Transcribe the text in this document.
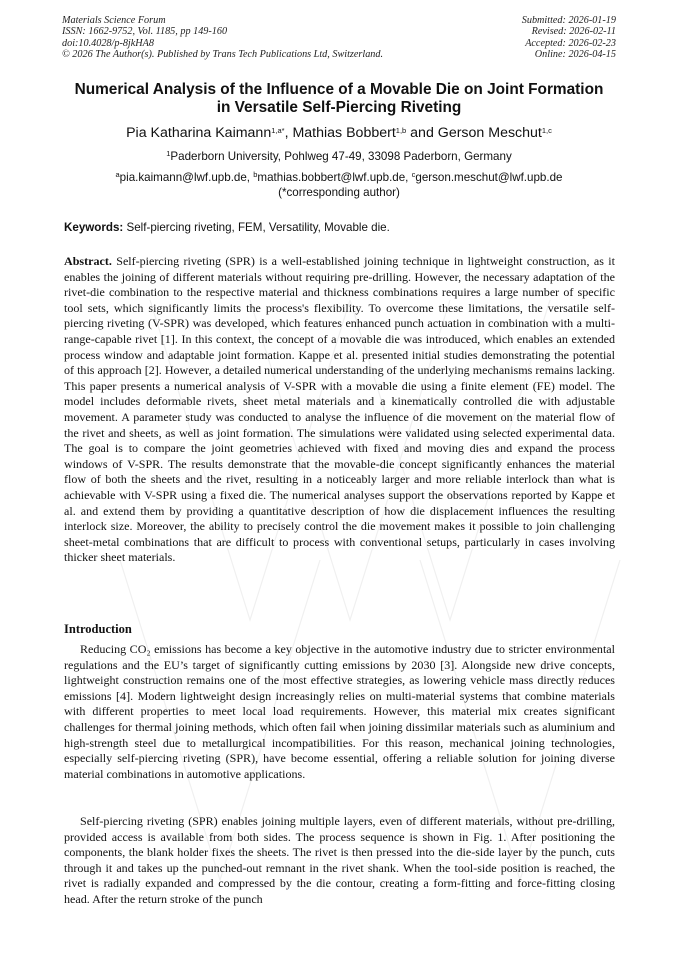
Materials Science Forum
ISSN: 1662-9752, Vol. 1185, pp 149-160
doi:10.4028/p-8jkHA8
© 2026 The Author(s). Published by Trans Tech Publications Ltd, Switzerland.
Submitted: 2026-01-19
Revised: 2026-02-11
Accepted: 2026-02-23
Online: 2026-04-15
Numerical Analysis of the Influence of a Movable Die on Joint Formation
in Versatile Self-Piercing Riveting
Pia Katharina Kaimann$^{1,a*}$, Mathias Bobbert$^{1,b}$ and Gerson Meschut$^{1,c}$
$^1$Paderborn University, Pohlweg 47-49, 33098 Paderborn, Germany
$^a$pia.kaimann@lwf.upb.de, $^b$mathias.bobbert@lwf.upb.de, $^c$gerson.meschut@lwf.upb.de
(*corresponding author)
Keywords: Self-piercing riveting, FEM, Versatility, Movable die.
Abstract. Self-piercing riveting (SPR) is a well-established joining technique in lightweight construction, as it enables the joining of different materials without requiring pre-drilling. However, the necessary adaptation of the rivet-die combination to the respective material and thickness combinations requires a large number of specific tool sets, which significantly limits the process's flexibility. To overcome these limitations, the versatile self-piercing riveting (V-SPR) was developed, which features enhanced punch actuation in combination with a multi-range-capable rivet [1]. In this context, the concept of a movable die was introduced, which enables an extended process window and adaptable joint formation. Kappe et al. presented initial studies demonstrating the potential of this approach [2]. However, a detailed numerical understanding of the underlying mechanisms remains lacking. This paper presents a numerical analysis of V-SPR with a movable die using a finite element (FE) model. The model includes deformable rivets, sheet metal materials and a kinematically controlled die with adjustable movement. A parameter study was conducted to analyse the influence of die movement on the material flow of the rivet and sheets, as well as joint formation. The simulations were validated using selected experimental data. The goal is to compare the joint geometries achieved with fixed and moving dies and expand the process windows of V-SPR. The results demonstrate that the movable-die concept significantly enhances the material flow of both the sheets and the rivet, resulting in a noticeably larger and more reliable interlock than what is achievable with V-SPR using a fixed die. The numerical analyses support the observations reported by Kappe et al. and extend them by providing a quantitative description of how die displacement influences the resulting interlock size. Moreover, the ability to precisely control the die movement makes it possible to join challenging sheet-metal combinations that are difficult to process with conventional setups, particularly in cases involving thicker sheet materials.
Introduction
Reducing CO₂ emissions has become a key objective in the automotive industry due to stricter environmental regulations and the EU’s target of significantly cutting emissions by 2030 [3]. Alongside new drive concepts, lightweight construction remains one of the most effective strategies, as lowering vehicle mass directly reduces emissions [4]. Modern lightweight design increasingly relies on multi-material systems that combine materials with different properties to meet local load requirements. However, this material mix creates significant challenges for thermal joining methods, which often fail when joining dissimilar materials such as aluminium and high-strength steel due to metallurgical incompatibilities. For this reason, mechanical joining technologies, especially self-piercing riveting (SPR), have become essential, offering a reliable solution for joining diverse material combinations in automotive applications.
Self-piercing riveting (SPR) enables joining multiple layers, even of different materials, without pre-drilling, provided access is available from both sides. The process sequence is shown in Fig. 1. After positioning the components, the blank holder fixes the sheets. The rivet is then pressed into the die-side layer by the punch, cuts through it and takes up the punched-out remnant in the rivet shank. When the tool-side position is reached, the rivet is radially expanded and compressed by the die contour, creating a form-fitting and force-fitting closing head. After the return stroke of the punch
